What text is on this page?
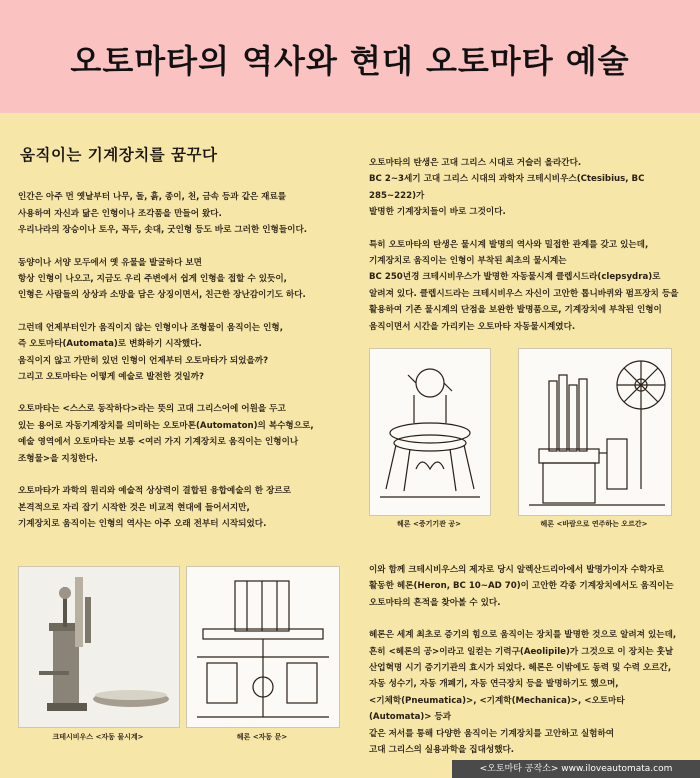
오토마타의 역사와 현대 오토마타 예술
움직이는 기계장치를 꿈꾸다

인간은 아주 먼 옛날부터 나무, 돌, 흙, 종이, 천, 금속 등과 같은 재료를
사용하여 자신과 닮은 인형이나 조각품을 만들어 왔다.
우리나라의 장승이나 토우, 꼭두, 솟대, 굿인형 등도 바로 그러한 인형들이다.

동양이나 서양 모두에서 옛 유물을 발굴하다 보면
항상 인형이 나오고, 지금도 우리 주변에서 쉽게 인형을 접할 수 있듯이,
인형은 사람들의 상상과 소망을 담은 상징이면서, 친근한 장난감이기도 하다.

그런데 언제부터인가 움직이지 않는 인형이나 조형물이 움직이는 인형,
즉 오토마타(Automata)로 변화하기 시작했다.
움직이지 않고 가만히 있던 인형이 언제부터 오토마타가 되었을까?
그리고 오토마타는 어떻게 예술로 발전한 것일까?

오토마타는 <스스로 동작하다>라는 뜻의 고대 그리스어에 어원을 두고
있는 용어로 자동기계장치를 의미하는 오토마톤(Automaton)의 복수형으로,
예술 영역에서 오토마타는 보통 <여러 가지 기계장치로 움직이는 인형이나
조형물>을 지칭한다.

오토마타가 과학의 원리와 예술적 상상력이 결합된 융합예술의 한 장르로
본격적으로 자리 잡기 시작한 것은 비교적 현대에 들어서지만,
기계장치로 움직이는 인형의 역사는 아주 오래 전부터 시작되었다.

오토마타의 탄생은 고대 그리스 시대로 거슬러 올라간다.
BC 2~3세기 고대 그리스 시대의 과학자 크테시비우스(Ctesibius, BC 285~222)가
발명한 기계장치들이 바로 그것이다.

특히 오토마타의 탄생은 물시계 발명의 역사와 밀접한 관계를 갖고 있는데,
기계장치로 움직이는 인형이 부착된 최초의 물시계는
BC 250년경 크테시비우스가 발명한 자동물시계 클렙시드라(clepsydra)로
알려져 있다. 클렙시드라는 크테시비우스 자신이 고안한 톱니바퀴와 펌프장치 등을
활용하여 기존 물시계의 단점을 보완한 발명품으로, 기계장치에 부착된 인형이
움직이면서 시간을 가리키는 오토마타 자동물시계였다.

이와 함께 크테시비우스의 제자로 당시 알렉산드리아에서 발명가이자 수학자로
활동한 헤론(Heron, BC 10~AD 70)이 고안한 각종 기계장치에서도 움직이는
오토마타의 흔적을 찾아볼 수 있다.

헤론은 세계 최초로 증기의 힘으로 움직이는 장치를 발명한 것으로 알려져 있는데,
흔히 <헤론의 공>이라고 일컫는 기력구(Aeolipile)가 그것으로 이 장치는 훗날
산업혁명 시기 증기기관의 효시가 되었다. 헤론은 이밖에도 동력 및 수력 오르간,
자동 성수기, 자동 개폐기, 자동 연극장치 등을 발명하기도 했으며,
<기체학(Pneumatica)>, <기계학(Mechanica)>, <오토마타(Automata)> 등과
같은 저서를 통해 다양한 움직이는 기계장치를 고안하고 실험하여
고대 그리스의 실용과학을 집대성했다.

크테시비우스 <자동 물시계>	헤론 <자동 문>
헤론 <증기기관 공>	헤론 <바람으로 연주하는 오르간>
<오토마타 공작소> www.iloveautomata.com
